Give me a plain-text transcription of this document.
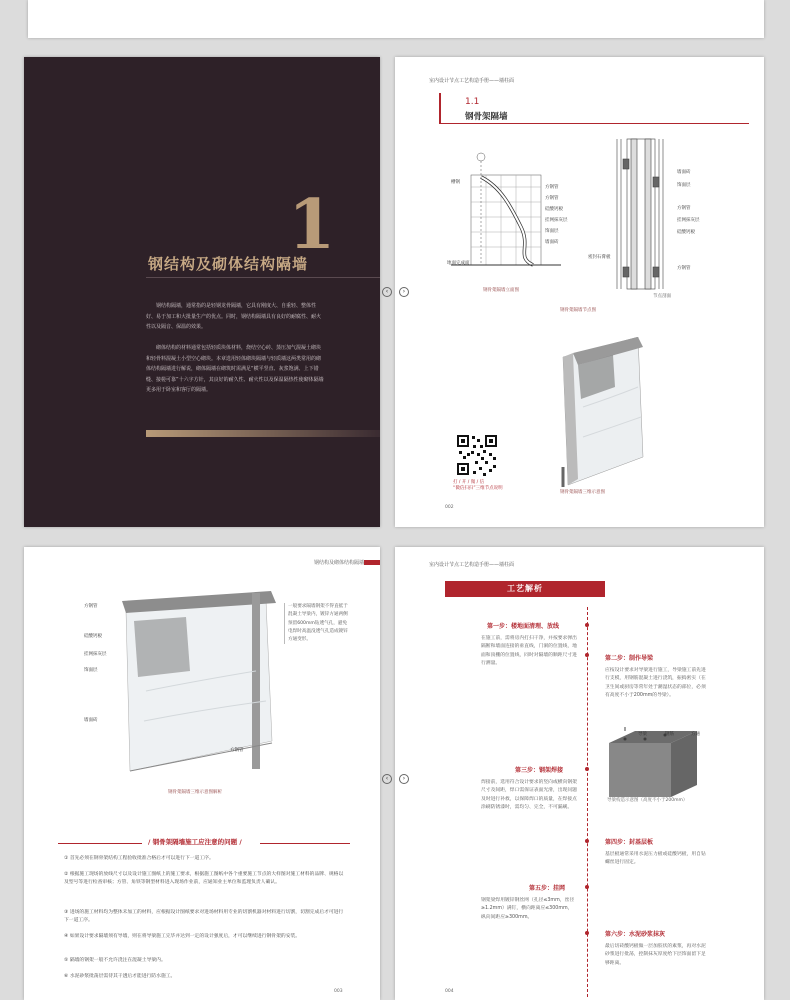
1
钢结构及砌体结构隔墙
钢结构隔墙，通常指的是轻钢龙骨隔墙，它具有刚度大、自重轻、整体性好、易于加工和大批量生产的优点。同时，钢结构隔墙具有良好的耐腐性、耐火性以及隔音、保温的效果。
砌体结构的材料通常包括轻质块体材料，烧结空心砖、蒸压加气混凝土砌块和轻骨料混凝土小型空心砌块。本章选用轻体砌块隔墙与轻质墙这两类常用的砌体结构隔墙进行解说，砌体隔墙在砌筑时需满足“横平竖直、灰浆饱满、上下错缝、接槎可靠”十六字方针，其良好的耐久性、耐火性以及保温隔热性使砌体隔墙更多用于卧室和客厅的隔墙。
室内设计节点工艺构造手册——墙柱面
1.1
钢骨架隔墙
方钢管
方钢管
硅酸钙板
挂网抹灰层
饰面层
墙面砖
槽钢
地面完成面
密封石膏板
钢骨架隔墙立面图
墙面砖
饰面层
方钢管
挂网抹灰层
硅酸钙板
方钢管
节点剖面
钢骨架隔墙节点图
钢骨架隔墙三维示意图
打 / 开 / 微 / 信
“微信扫扫”三维节点说明
002
‹	›
钢结构及砌体结构隔墙
方钢管
硅酸钙板
挂网抹灰层
饰面层
墙面砖
方钢管
一般要求隔墙钢架不得直抵于混凝土导梁内，镀锌方通两侧预留600mm钻透气孔，避免电焊时高温没透气孔造成镀锌方通变形。
钢骨架隔墙三维示意图解析
/ 钢骨架隔墙施工应注意的问题 /
① 首先必须在钢骨架结构工程验收批准合格后才可以进行下一道工序。
② 根据施工现场的放线尺寸以及设计施工图纸上的施工要求，根据施工图纸中各个重要施工节点的大样图对施工材料的品牌、规格以及型号等进行检查审核；方管、角铁等钢型材料进入现场作业前，应通知业主单位和监理负责人确认。
③ 进场的施工材料均为整体未加工的材料，应根据设计图纸要求对进场材料用专业的切割机器对材料进行切割，切割完成后才可进行下一道工序。
④ 如果设计要求隔墙须有导墙，则在将导梁施工完毕并达到一定的设计强度后，才可以继续进行钢骨架的安装。
⑤ 隔墙的钢架一般不允许浇注在混凝土导梁内。
⑥ 水泥砂浆批荡层需待其干透后才能进行防水施工。
003
室内设计节点工艺构造手册——墙柱面
工艺解析
第一步：楼地面清理、放线
在施工前，需将房内打扫干净，并按要求弹出隔断和墙面连接的垂直线，门洞的位置线，地面和顶棚的位置线，同时对隔墙的顺距尺寸进行测量。
第二步：制作导梁
应按设计要求对导梁进行施工，导梁施工前先进行支模，用钢筋混凝土进行浇筑，振捣密实（在卫生间或厨房等常年处于潮湿状态的部位，必须有高度不小于200mm的导梁）。
导梁	钢筋	方通
导梁构造示意图（高度不小于200mm）
第三步：钢架焊接
焊接前，选用符合设计要求的竖向或横向钢架尺寸及间距，焊口需保证表面光滑，出现问题及时进行补救，以保障焊口的质量，在焊接点涂刷防锈漆时，需均匀、完全，不可漏刷。
第四步：封基层板
基层板通常采用水泥压力板或硅酸钙板，用自钻螺丝进行固定。
第五步：挂网
钢架梁焊用镀锌钢丝网（孔径≤3mm，丝径≥1.2mm）满钉，横向距离应≤300mm，纵向间距应≥300mm。
第六步：水泥砂浆抹灰
最后切砖酸钙板做一层加胶状的素浆，再对水泥砂浆进行批荡，控制抹灰厚度给下层饰面留下足够距离。
004
‹	›
